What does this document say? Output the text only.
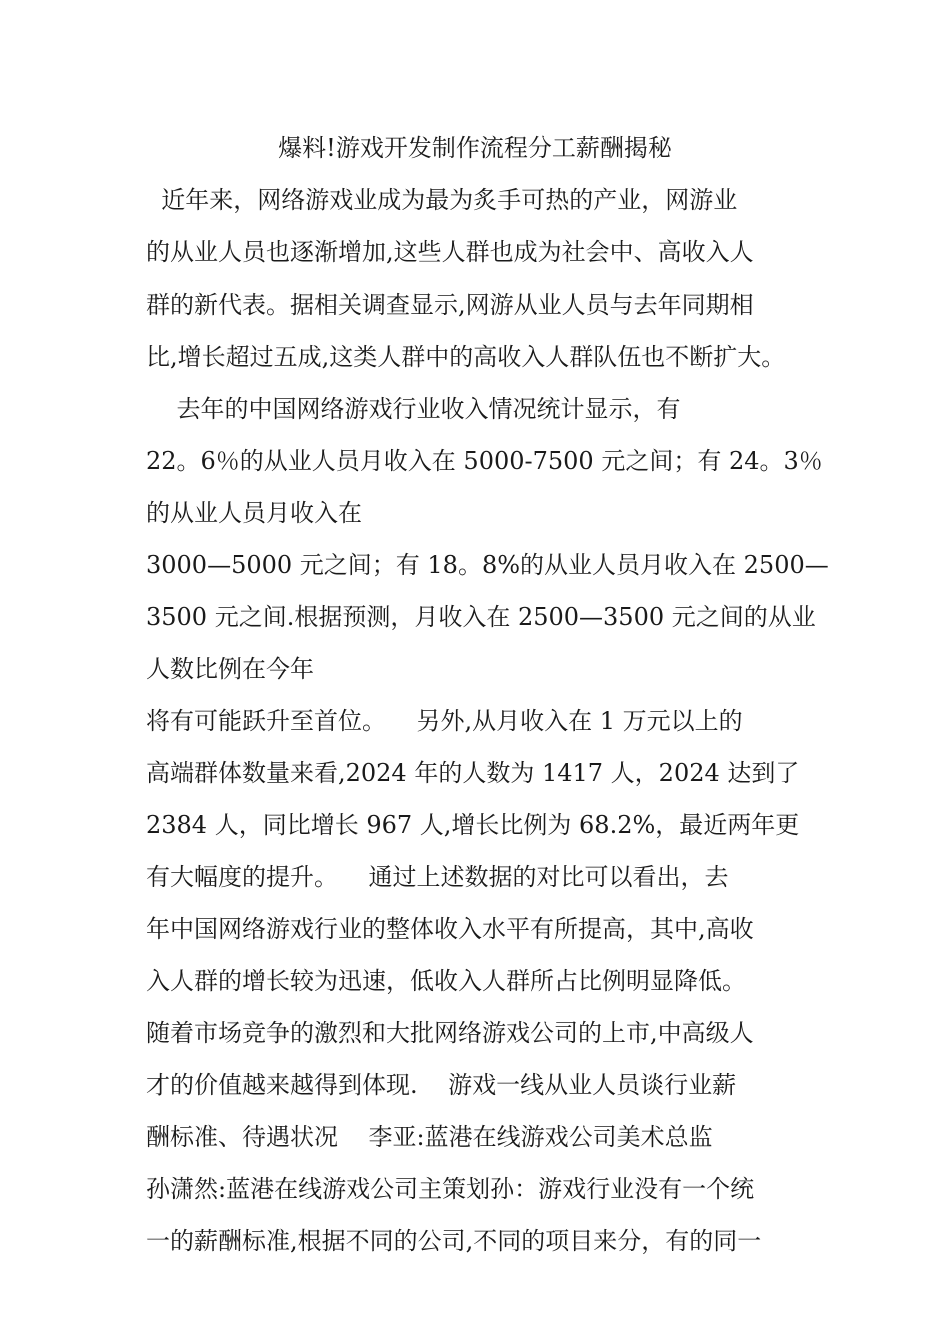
爆料!游戏开发制作流程分工薪酬揭秘
近年来，网络游戏业成为最为炙手可热的产业，网游业
的从业人员也逐渐增加,这些人群也成为社会中、高收入人
群的新代表。据相关调查显示,网游从业人员与去年同期相
比,增长超过五成,这类人群中的高收入人群队伍也不断扩大。
去年的中国网络游戏行业收入情况统计显示，有
22。6％的从业人员月收入在 5000-7500 元之间；有 24。3％
的从业人员月收入在
3000—5000 元之间；有 18。8%的从业人员月收入在 2500—
3500 元之间.根据预测，月收入在 2500—3500 元之间的从业
人数比例在今年
将有可能跃升至首位。    另外,从月收入在 1 万元以上的
高端群体数量来看,2024 年的人数为 1417 人，2024 达到了
2384 人，同比增长 967 人,增长比例为 68.2%，最近两年更
有大幅度的提升。    通过上述数据的对比可以看出，去
年中国网络游戏行业的整体收入水平有所提高，其中,高收
入人群的增长较为迅速，低收入人群所占比例明显降低。
随着市场竞争的激烈和大批网络游戏公司的上市,中高级人
才的价值越来越得到体现.    游戏一线从业人员谈行业薪
酬标准、待遇状况    李亚:蓝港在线游戏公司美术总监
孙潇然:蓝港在线游戏公司主策划孙：游戏行业没有一个统
一的薪酬标准,根据不同的公司,不同的项目来分，有的同一
